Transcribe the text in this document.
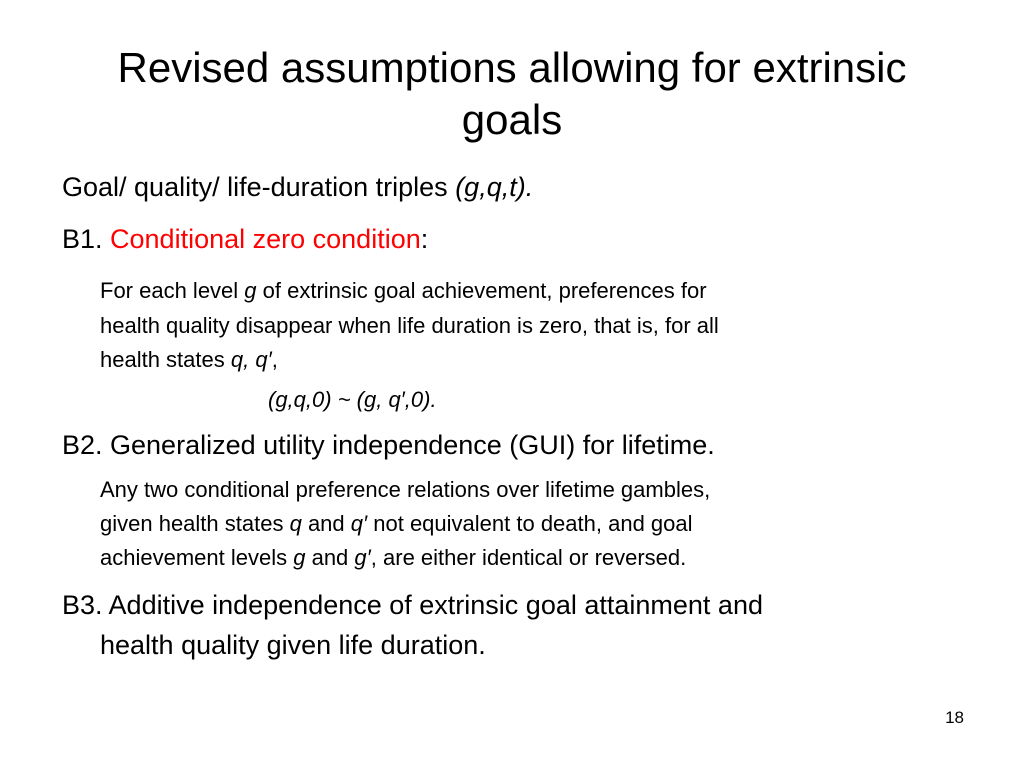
Revised assumptions allowing for extrinsic
goals

Goal/ quality/ life-duration triples (g,q,t).

B1. Conditional zero condition:

For each level g of extrinsic goal achievement, preferences for

health quality disappear when life duration is zero, that is, for all

health states q, q′,

(g,q,0) ~ (g, q′,0).

B2. Generalized utility independence (GUI) for lifetime.

Any two conditional preference relations over lifetime gambles,

given health states q and q′ not equivalent to death, and goal

achievement levels g and g′, are either identical or reversed.

B3. Additive independence of extrinsic goal attainment and

health quality given life duration.

18
